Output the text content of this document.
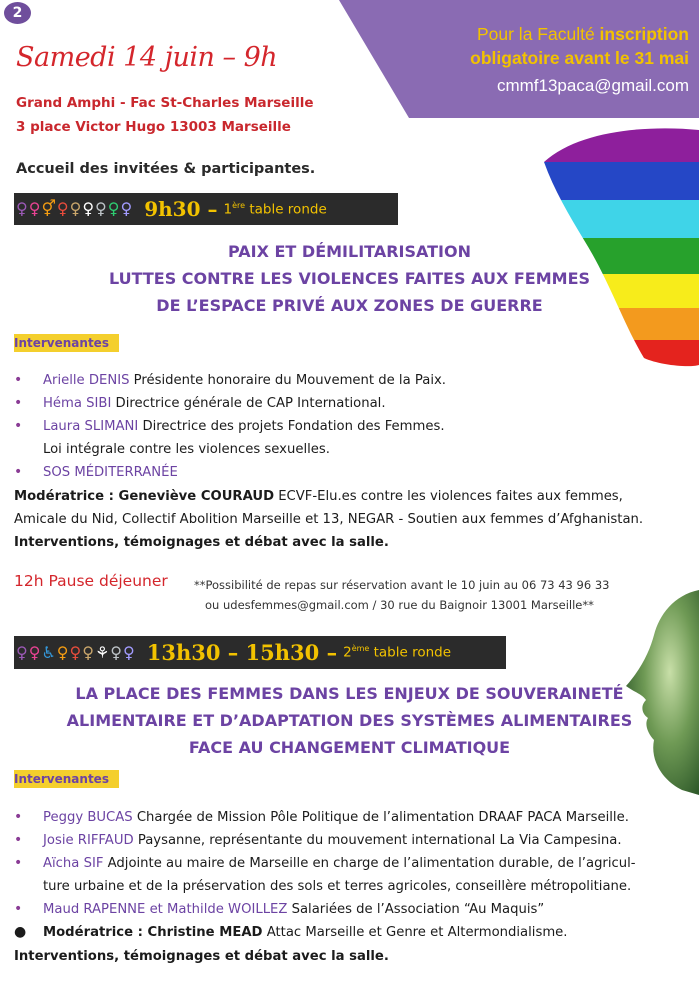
2
Pour la Faculté inscription
obligatoire avant le 31 mai
cmmf13paca@gmail.com
Samedi 14 juin – 9h
Grand Amphi - Fac St-Charles Marseille
3 place Victor Hugo 13003 Marseille
Accueil des invitées & participantes.
♀ ♀ ⚥ ♀ ♀ ♀ ♀ ♀ ♀ 9h30 – 1ère table ronde
PAIX ET DÉMILITARISATION
LUTTES CONTRE LES VIOLENCES FAITES AUX FEMMES
DE L’ESPACE PRIVÉ AUX ZONES DE GUERRE
Intervenantes
• Arielle DENIS Présidente honoraire du Mouvement de la Paix.
• Héma SIBI Directrice générale de CAP International.
• Laura SLIMANI Directrice des projets Fondation des Femmes.
Loi intégrale contre les violences sexuelles.
• SOS MÉDITERRANÉE
Modératrice : Geneviève COURAUD ECVF-Elu.es contre les violences faites aux femmes,
Amicale du Nid, Collectif Abolition Marseille et 13, NEGAR - Soutien aux femmes d’Afghanistan.
Interventions, témoignages et débat avec la salle.
12h Pause déjeuner **Possibilité de repas sur réservation avant le 10 juin au 06 73 43 96 33
ou udesfemmes@gmail.com / 30 rue du Baignoir 13001 Marseille**
♀ ♀ ♿ ♀ ♀ ♀ ⚘ ♀ ♀ 13h30 – 15h30 – 2ème table ronde
LA PLACE DES FEMMES DANS LES ENJEUX DE SOUVERAINETÉ
ALIMENTAIRE ET D’ADAPTATION DES SYSTÈMES ALIMENTAIRES
FACE AU CHANGEMENT CLIMATIQUE
Intervenantes
• Peggy BUCAS Chargée de Mission Pôle Politique de l’alimentation DRAAF PACA Marseille.
• Josie RIFFAUD Paysanne, représentante du mouvement international La Via Campesina.
• Aïcha SIF Adjointe au maire de Marseille en charge de l’alimentation durable, de l’agricul-
ture urbaine et de la préservation des sols et terres agricoles, conseillère métropolitiane.
• Maud RAPENNE et Mathilde WOILLEZ Salariées de l’Association “Au Maquis”
● Modératrice : Christine MEAD Attac Marseille et Genre et Altermondialisme.
Interventions, témoignages et débat avec la salle.
